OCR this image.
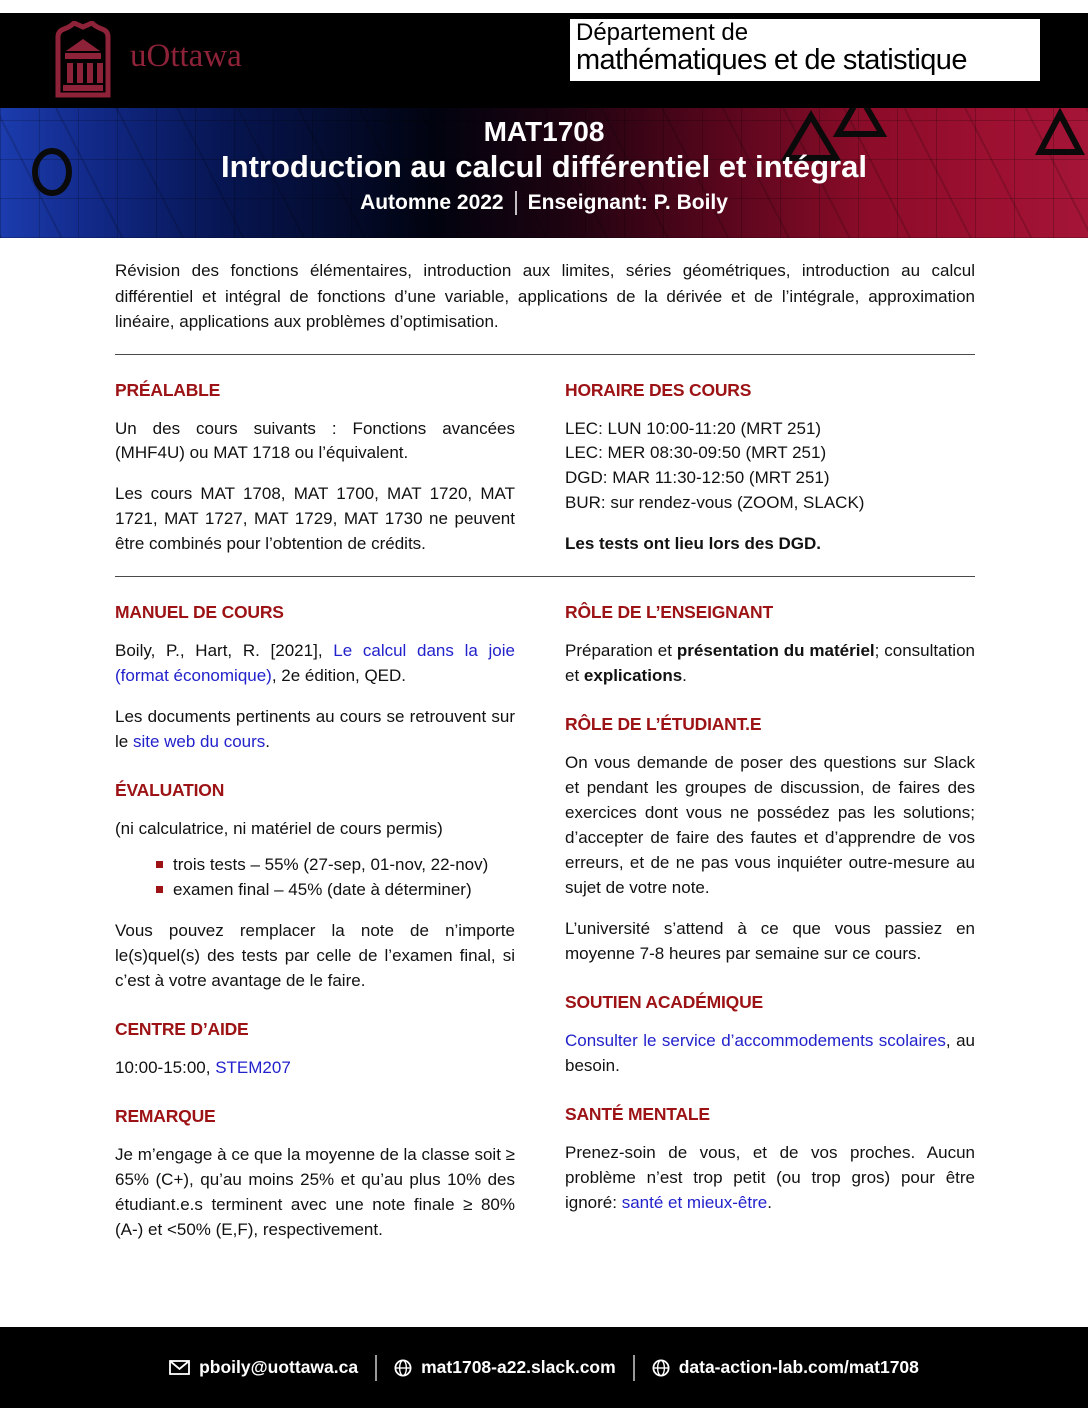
uOttawa
Département de
mathématiques et de statistique
MAT1708
Introduction au calcul différentiel et intégral
Automne 2022 Enseignant: P. Boily

Révision des fonctions élémentaires, introduction aux limites, séries géométriques, introduction au calcul différentiel et intégral de fonctions d’une variable, applications de la dérivée et de l’intégrale, approximation linéaire, applications aux problèmes d’optimisation.

PRÉALABLE

Un des cours suivants : Fonctions avancées (MHF4U) ou MAT 1718 ou l’équivalent.

Les cours MAT 1708, MAT 1700, MAT 1720, MAT 1721, MAT 1727, MAT 1729, MAT 1730 ne peuvent être combinés pour l’obtention de crédits.

HORAIRE DES COURS
LEC: LUN 10:00-11:20 (MRT 251)
LEC: MER 08:30-09:50 (MRT 251)
DGD: MAR 11:30-12:50 (MRT 251)
BUR: sur rendez-vous (ZOOM, SLACK)

Les tests ont lieu lors des DGD.

MANUEL DE COURS

Boily, P., Hart, R. [2021], Le calcul dans la joie (format économique), 2e édition, QED.

Les documents pertinents au cours se retrouvent sur le site web du cours.

ÉVALUATION

(ni calculatrice, ni matériel de cours permis)

trois tests – 55% (27-sep, 01-nov, 22-nov)
examen final – 45% (date à déterminer)

Vous pouvez remplacer la note de n’importe le(s)quel(s) des tests par celle de l’examen final, si c’est à votre avantage de le faire.

CENTRE D’AIDE

10:00-15:00, STEM207

REMARQUE

Je m’engage à ce que la moyenne de la classe soit ≥ 65% (C+), qu’au moins 25% et qu’au plus 10% des étudiant.e.s terminent avec une note finale ≥ 80% (A-) et <50% (E,F), respectivement.

RÔLE DE L’ENSEIGNANT

Préparation et présentation du matériel; consultation et explications.

RÔLE DE L’ÉTUDIANT.E

On vous demande de poser des questions sur Slack et pendant les groupes de discussion, de faires des exercices dont vous ne possédez pas les solutions; d’accepter de faire des fautes et d’apprendre de vos erreurs, et de ne pas vous inquiéter outre-mesure au sujet de votre note.

L’université s’attend à ce que vous passiez en moyenne 7-8 heures par semaine sur ce cours.

SOUTIEN ACADÉMIQUE

Consulter le service d’accommodements scolaires, au besoin.

SANTÉ MENTALE

Prenez-soin de vous, et de vos proches. Aucun problème n’est trop petit (ou trop gros) pour être ignoré: santé et mieux-être.

pboily@uottawa.ca	mat1708-a22.slack.com	data-action-lab.com/mat1708
